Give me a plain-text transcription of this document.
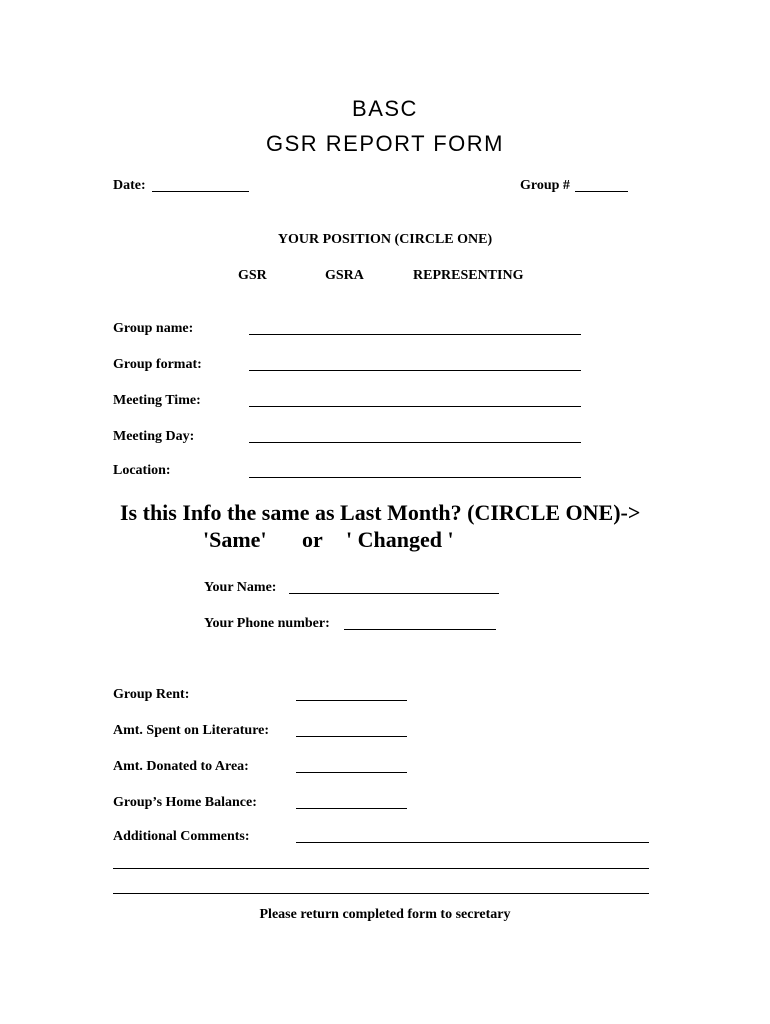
BASC
GSR REPORT FORM
Date:	Group #
YOUR POSITION (CIRCLE ONE)
GSR	GSRA	REPRESENTING
Group name:
Group format:
Meeting Time:
Meeting Day:
Location:
Is this Info the same as Last Month? (CIRCLE ONE)->
'Same' or ' Changed '
Your Name:
Your Phone number:
Group Rent:
Amt. Spent on Literature:
Amt. Donated to Area:
Group’s Home Balance:
Additional Comments:
Please return completed form to secretary
